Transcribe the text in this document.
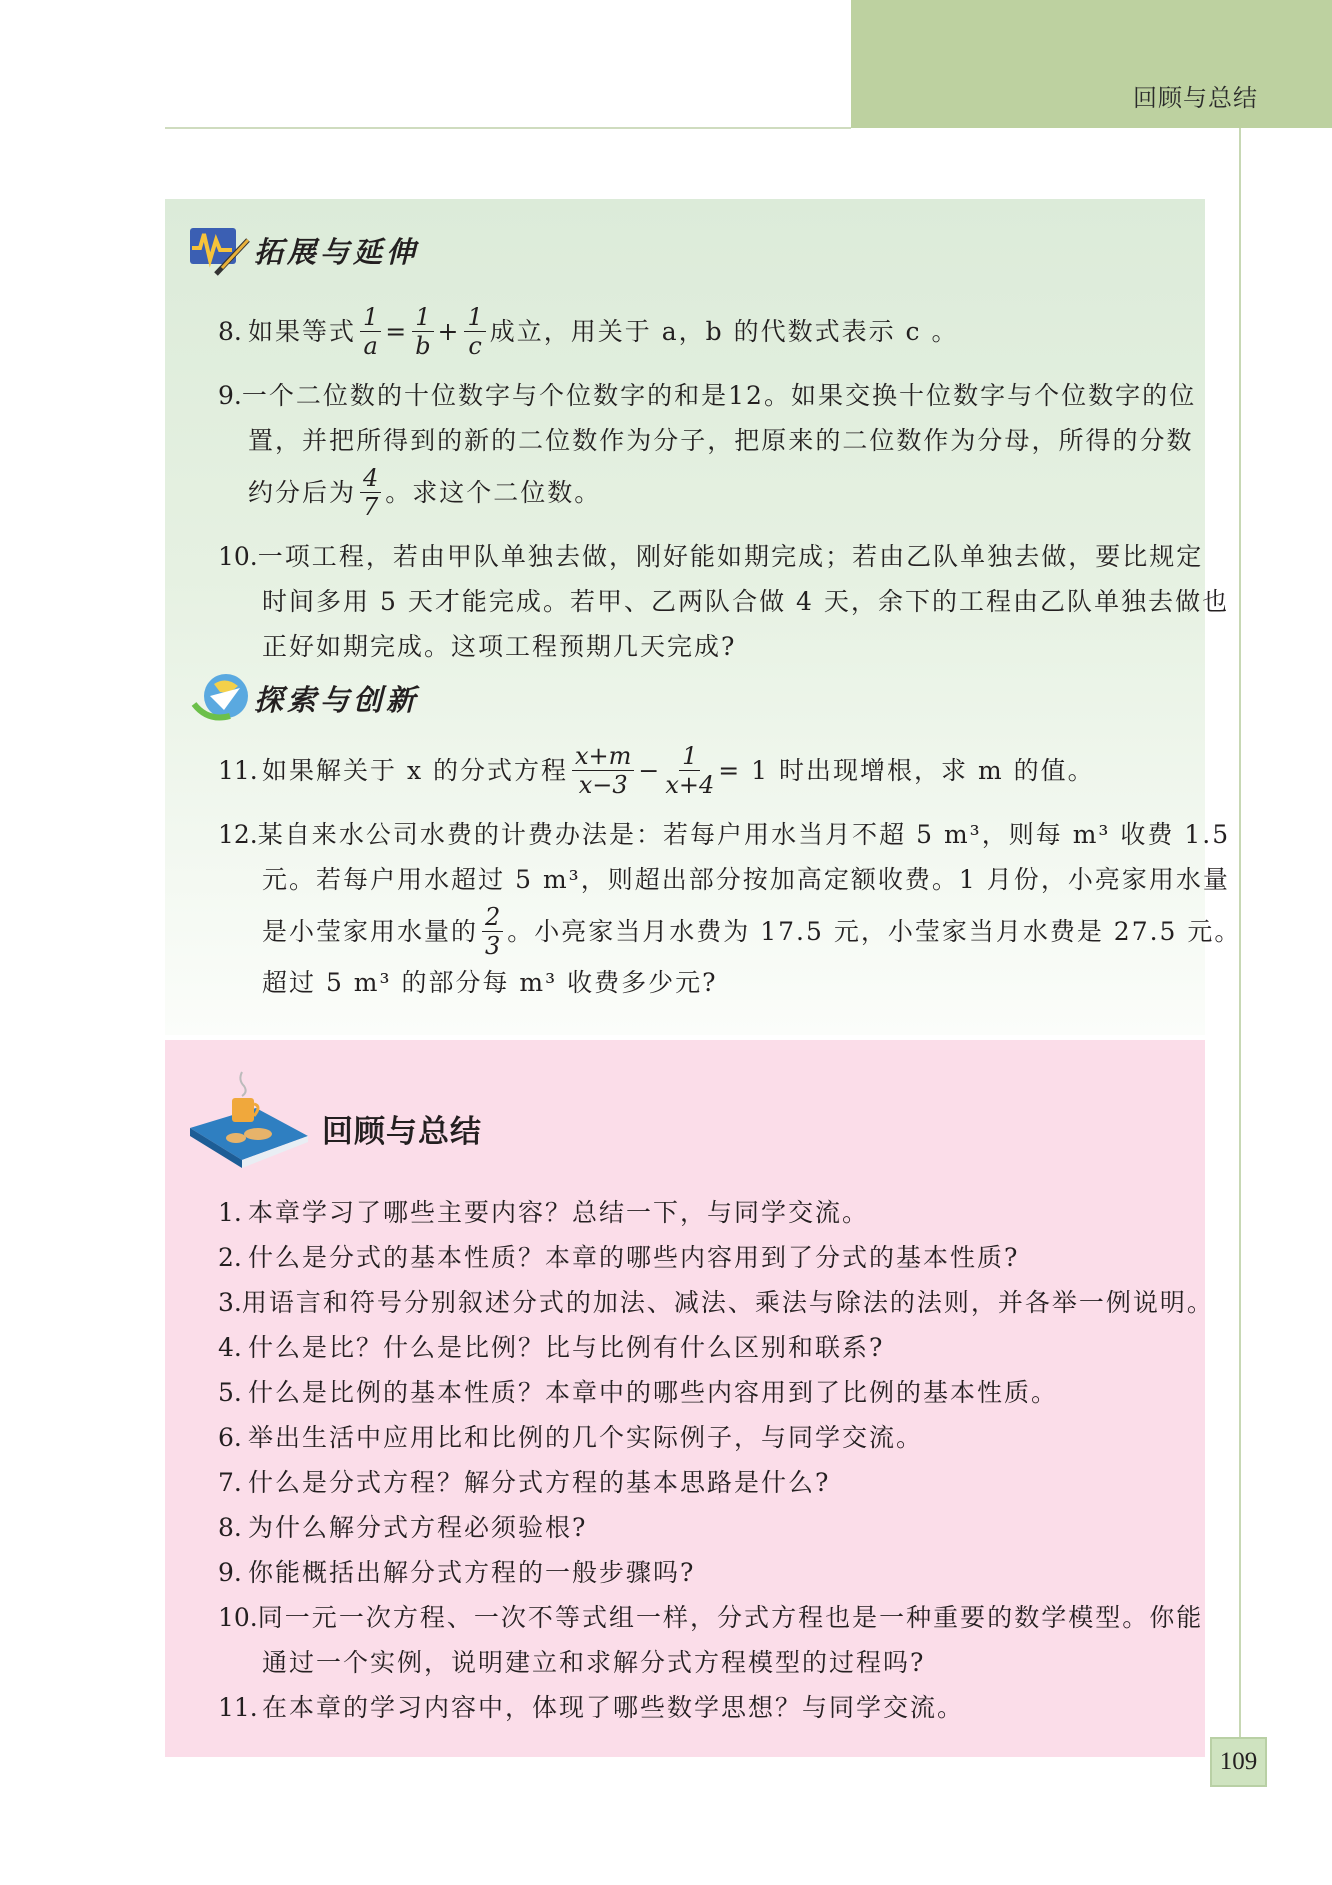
回顾与总结
拓展与延伸
8. 如果等式 $\frac{1}{a} = \frac{1}{b} + \frac{1}{c}$ 成立，用关于 a，b 的代数式表示 c 。
9. 一 个 二 位 数 的 十 位 数 字 与 个 位 数 字 的 和 是 1 2 。 如 果 交 换 十 位 数 字 与 个 位 数 字 的 位
置 ， 并 把 所 得 到 的 新 的 二 位 数 作 为 分 子 ， 把 原 来 的 二 位 数 作 为 分 母 ， 所 得 的 分 数
约分后为 $\frac{4}{7}$ 。求这个二位数。
10. 一 项 工 程 ， 若 由 甲 队 单 独 去 做 ， 刚 好 能 如 期 完 成 ； 若 由 乙 队 单 独 去 做 ， 要 比 规 定
时 间 多 用
5
天 才 能 完 成 。 若 甲 、 乙 两 队 合 做
4
天 ， 余 下 的 工 程 由 乙 队 单 独 去 做 也
正好如期完成。这项工程预期几天完成?
探索与创新
11. 如果解关于 x 的分式方程 $\frac{x+m}{x-3} - \frac{1}{x+4} = 1$ 时出现增根，求 m 的值。
12. 某 自 来 水 公 司 水 费 的 计 费 办 法 是 ： 若 每 户 用 水 当 月 不 超
5
m ³ ， 则 每
m ³
收 费
1 . 5
元 。 若 每 户 用 水 超 过
5
m ³ ， 则 超 出 部 分 按 加 高 定 额 收 费 。 1
月 份 ， 小 亮 家 用 水 量
是小莹家用水量的 $\frac{2}{3}$ 。小亮家当月水费为 17.5 元，小莹家当月水费是 27.5 元。
超过 5 m³ 的部分每 m³ 收费多少元?
回顾与总结
1. 本章学习了哪些主要内容？总结一下，与同学交流。
2. 什么是分式的基本性质？本章的哪些内容用到了分式的基本性质?
3. 用语言和符号分别叙述分式的加法、减法、乘法与除法的法则，并各举一例说明。
4. 什么是比？什么是比例？比与比例有什么区别和联系?
5. 什么是比例的基本性质？本章中的哪些内容用到了比例的基本性质。
6. 举出生活中应用比和比例的几个实际例子，与同学交流。
7. 什么是分式方程？解分式方程的基本思路是什么?
8. 为什么解分式方程必须验根?
9. 你能概括出解分式方程的一般步骤吗?
10. 同 一 元 一 次 方 程 、 一 次 不 等 式 组 一 样 ， 分 式 方 程 也 是 一 种 重 要 的 数 学 模 型 。 你 能
通过一个实例，说明建立和求解分式方程模型的过程吗?
11. 在本章的学习内容中，体现了哪些数学思想？与同学交流。
109
